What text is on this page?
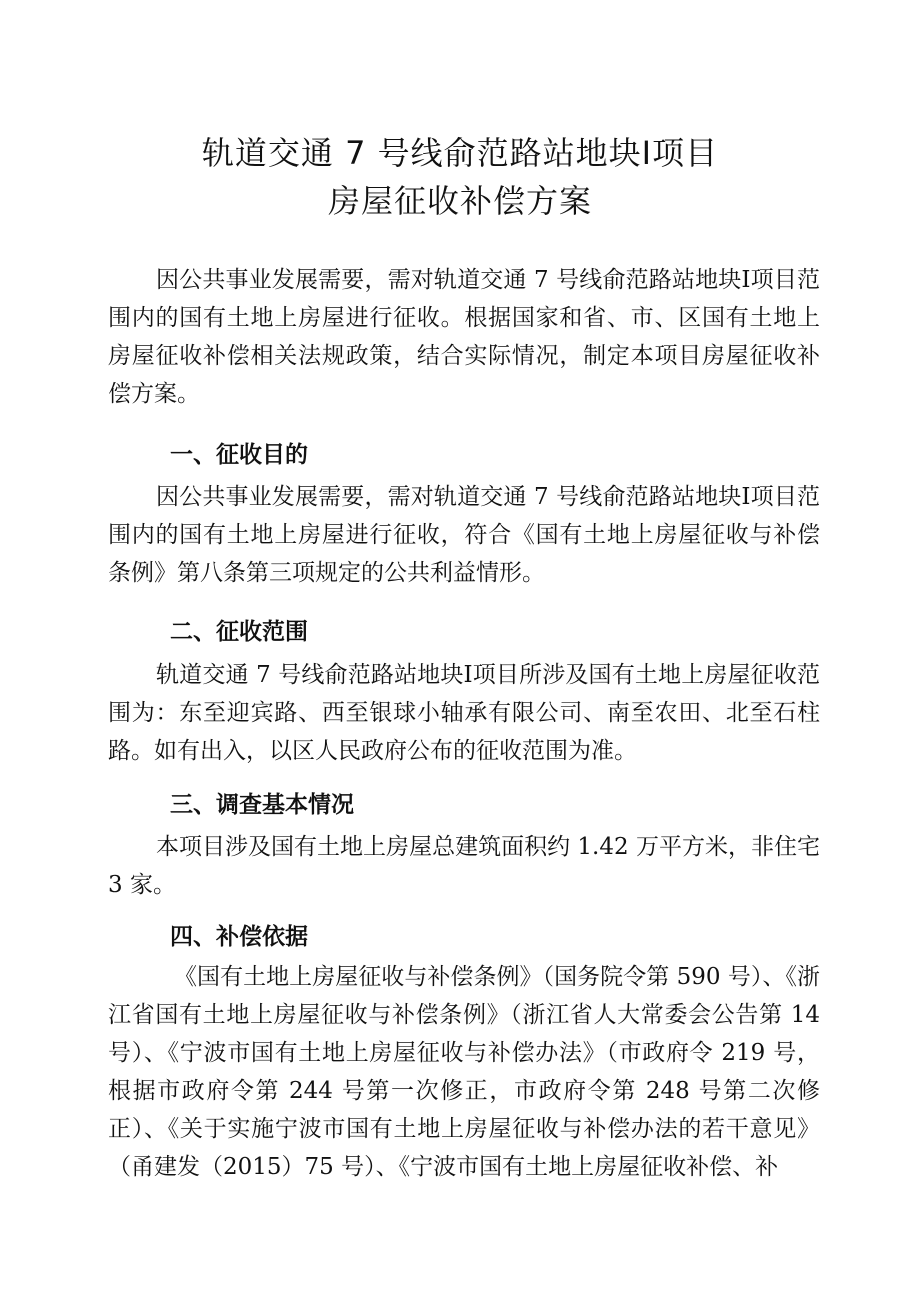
轨道交通 7 号线俞范路站地块Ⅰ项目
房屋征收补偿方案

因公共事业发展需要，需对轨道交通 7 号线俞范路站地块Ⅰ项目范围内的国有土地上房屋进行征收。根据国家和省、市、区国有土地上房屋征收补偿相关法规政策，结合实际情况，制定本项目房屋征收补偿方案。

一、征收目的

因公共事业发展需要，需对轨道交通 7 号线俞范路站地块Ⅰ项目范围内的国有土地上房屋进行征收，符合《国有土地上房屋征收与补偿条例》第八条第三项规定的公共利益情形。

二、征收范围

轨道交通 7 号线俞范路站地块Ⅰ项目所涉及国有土地上房屋征收范围为：东至迎宾路、西至银球小轴承有限公司、南至农田、北至石柱路。如有出入，以区人民政府公布的征收范围为准。

三、调查基本情况

本项目涉及国有土地上房屋总建筑面积约 1.42 万平方米，非住宅 3 家。

四、补偿依据

《国有土地上房屋征收与补偿条例》（国务院令第 590 号）、《浙江省国有土地上房屋征收与补偿条例》（浙江省人大常委会公告第 14 号）、《宁波市国有土地上房屋征收与补偿办法》（市政府令 219 号，根据市政府令第 244 号第一次修正，市政府令第 248 号第二次修正）、《关于实施宁波市国有土地上房屋征收与补偿办法的若干意见》（甬建发（2015）75 号）、《宁波市国有土地上房屋征收补偿、补
